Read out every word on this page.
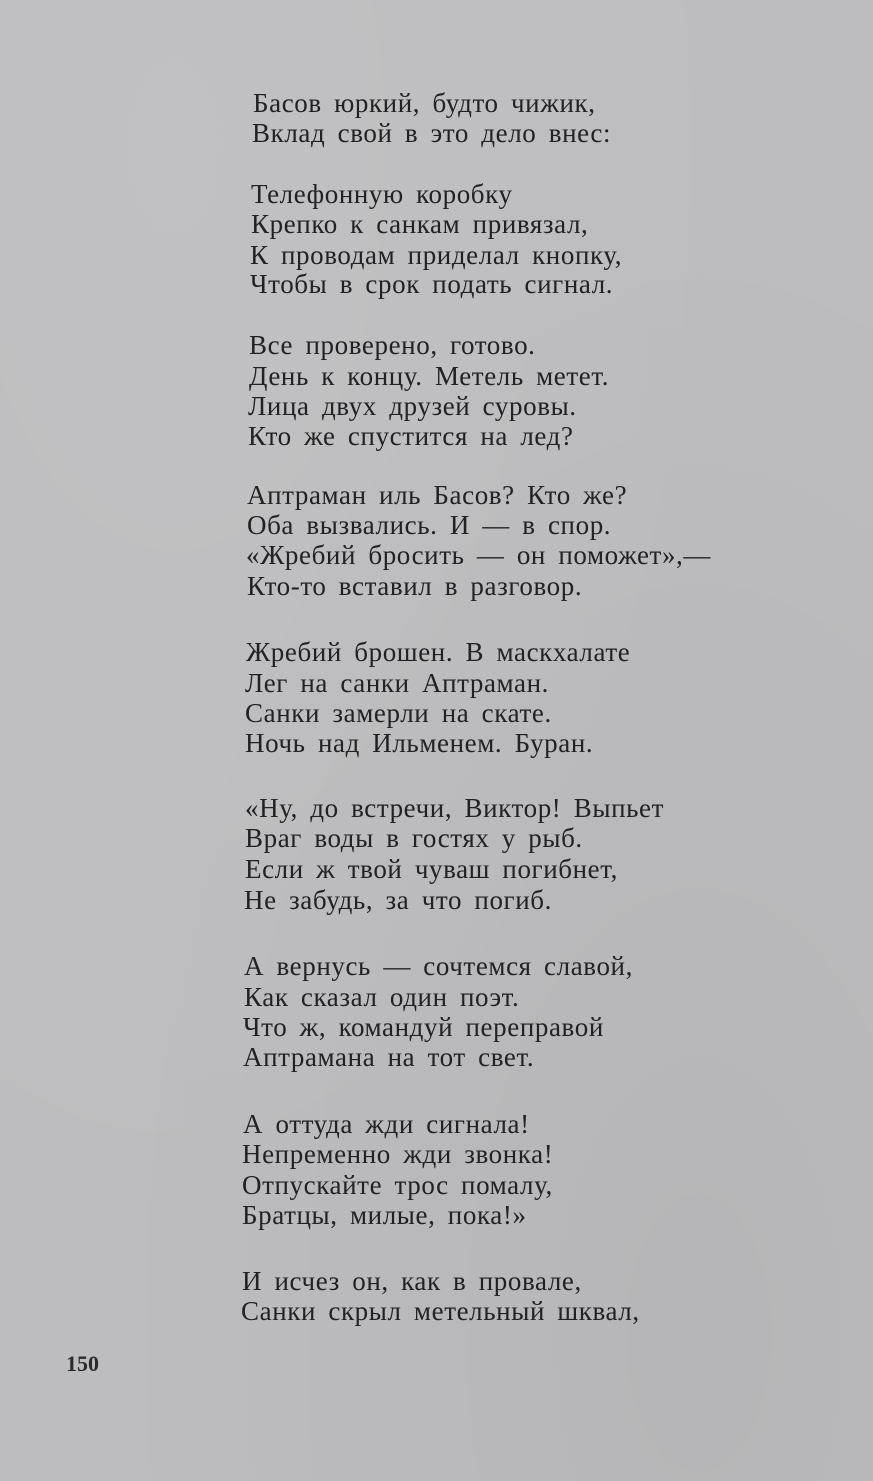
Басов юркий, будто чижик,
Вклад свой в это дело внес:
Телефонную коробку
Крепко к санкам привязал,
К проводам приделал кнопку,
Чтобы в срок подать сигнал.
Все проверено, готово.
День к концу. Метель метет.
Лица двух друзей суровы.
Кто же спустится на лед?
Аптраман иль Басов? Кто же?
Оба вызвались. И — в спор.
«Жребий бросить — он поможет»,—
Кто-то вставил в разговор.
Жребий брошен. В маскхалате
Лег на санки Аптраман.
Санки замерли на скате.
Ночь над Ильменем. Буран.
«Ну, до встречи, Виктор! Выпьет
Враг воды в гостях у рыб.
Если ж твой чуваш погибнет,
Не забудь, за что погиб.
А вернусь — сочтемся славой,
Как сказал один поэт.
Что ж, командуй переправой
Аптрамана на тот свет.
А оттуда жди сигнала!
Непременно жди звонка!
Отпускайте трос помалу,
Братцы, милые, пока!»
И исчез он, как в провале,
Санки скрыл метельный шквал,
150
